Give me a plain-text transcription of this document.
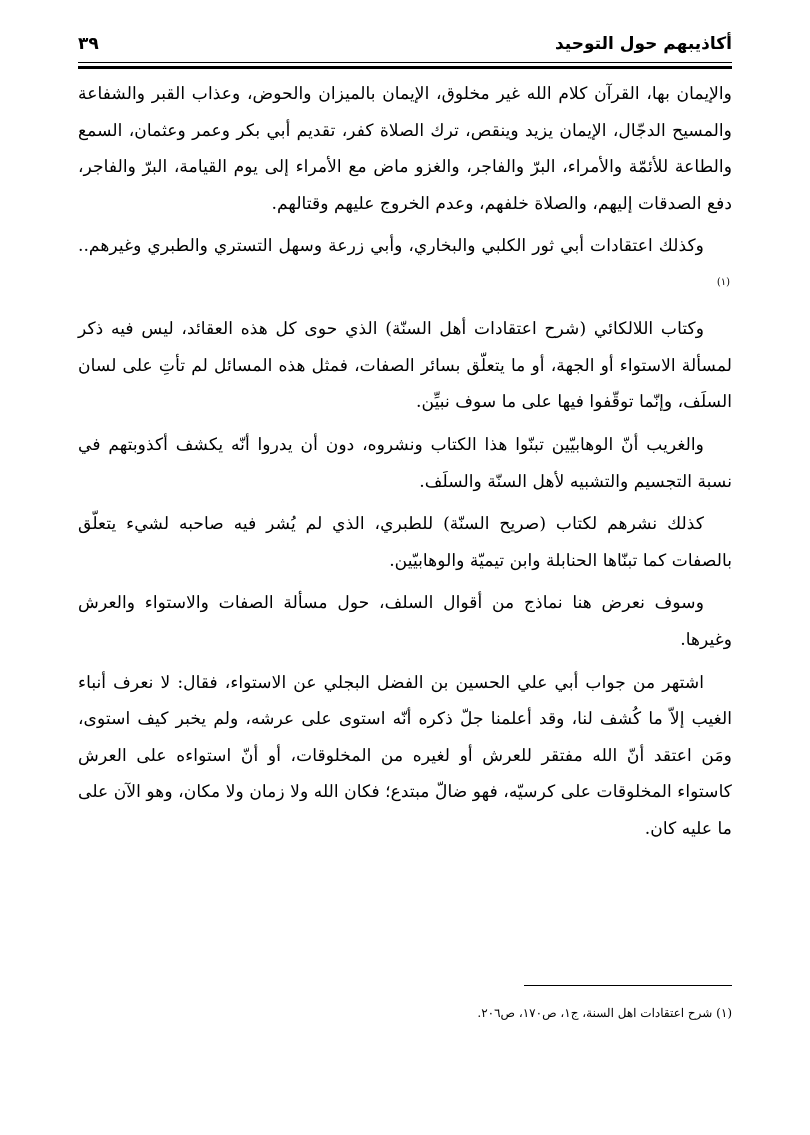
أكاذيبهم حول التوحيد
٣٩

والإيمان بها، القرآن كلام الله غير مخلوق، الإيمان بالميزان والحوض، وعذاب القبر والشفاعة والمسيح الدجّال، الإيمان يزيد وينقص، ترك الصلاة كفر، تقديم أبي بكر وعمر وعثمان، السمع والطاعة للأئمّة والأمراء، البرّ والفاجر، والغزو ماض مع الأمراء إلى يوم القيامة، البرّ والفاجر، دفع الصدقات إليهم، والصلاة خلفهم، وعدم الخروج عليهم وقتالهم.

وكذلك اعتقادات أبي ثور الكلبي والبخاري، وأبي زرعة وسهل التستري والطبري وغيرهم..$^{(١)}$

وكتاب اللالكائي (شرح اعتقادات أهل السنّة) الذي حوى كل هذه العقائد، ليس فيه ذكر لمسألة الاستواء أو الجهة، أو ما يتعلّق بسائر الصفات، فمثل هذه المسائل لم تأتِ على لسان السلَف، وإنّما توقّفوا فيها على ما سوف نبيِّن.

والغريب أنّ الوهابيّين تبنّوا هذا الكتاب ونشروه، دون أن يدروا أنّه يكشف أكذوبتهم في نسبة التجسيم والتشبيه لأهل السنّة والسلَف.

كذلك نشرهم لكتاب (صريح السنّة) للطبري، الذي لم يُشر فيه صاحبه لشيء يتعلّق بالصفات كما تبنّاها الحنابلة وابن تيميّة والوهابيّين.

وسوف نعرض هنا نماذج من أقوال السلف، حول مسألة الصفات والاستواء والعرش وغيرها.

اشتهر من جواب أبي علي الحسين بن الفضل البجلي عن الاستواء، فقال: لا نعرف أنباء الغيب إلاّ ما كُشف لنا، وقد أعلمنا جلّ ذكره أنّه استوى على عرشه، ولم يخبر كيف استوى، ومَن اعتقد أنّ الله مفتقر للعرش أو لغيره من المخلوقات، أو أنّ استواءه على العرش كاستواء المخلوقات على كرسيّه، فهو ضالّ مبتدع؛ فكان الله ولا زمان ولا مكان، وهو الآن على ما عليه كان.

(١) شرح اعتقادات اهل السنة، ج١، ص١٧٠، ص٢٠٦.
